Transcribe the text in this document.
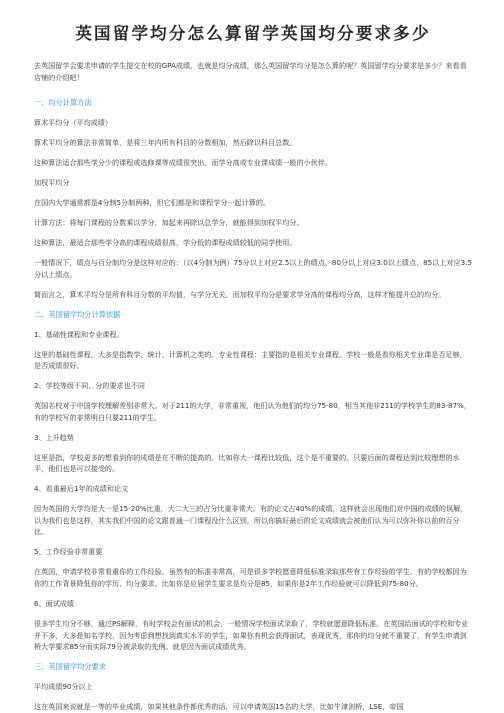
英国留学均分怎么算留学英国均分要求多少

去英国留学会要求申请的学生提交在校的GPA成绩，也就是均分成绩，那么英国留学均分是怎么算的呢？英国留学均分要求是多少？来看看店铺的介绍吧！

一、均分计算方法

算术平均分（平均成绩）

算术平均分的算法非常简单，是将三年内所有科目的分数相加，然后除以科目总数。

这种算法适合那些学分少的课程或选修课等成绩很突出，而学分高或专业课成绩一般的小伙伴。

加权平均分

在国内大学通常都是4分制5分制两种，但它们都是和课程学分一起计算的。

计算方法：将每门课程的分数乘以学分，加起来再除以总学分，就能得到加权平均分。

这种算法，最适合那些学分高的课程成绩很高，学分低的课程成绩较低的同学使用。

一般情况下，绩点与百分制均分是这样对应的：（以4分制为例）75分以上对应2.5以上的绩点，80分以上对应3.0以上绩点，85以上对应3.5分以上绩点。

简而言之，算术平均分是所有科目分数的平均值，与学分无关。而加权平均分是要求学分高的课程均分高，这样才能提升总的均分。

二、英国留学均分计算依据

1、基础性课程和专业课程。

这里的基础性课程，大多是指数学、统计、计算机之类的。专业性课程：主要指的是相关专业课程。学校一般是看你相关专业课是否足够，是否成绩很好。

2、学校等级不同，分的要求也不同

英国名校对于中国学校理解差别非常大。对于211的大学，非常重视，他们认为他们的均分75-80，相当其他非211的学校学生的83-87%，有的学校写的非常明白只要211的学生。

3、上升趋势

这里是指，学校更多的想看到你的成绩是在不断的提高的。比如你大一课程比较低，这个是不重要的。只要后面的课程达到比较理想的水平，他们也是可以接受的。

4、看重最后1年的成绩和论文

因为英国的大学均是大一是15-20%比重，大二大三的占分比重非常大。有的论文占40%的成绩，这样就会出现他们对中国的成绩的误解，以为我们也是这样，其实我们中国的论文跟普通一门课程没什么区别，所以你搞好最后的论文成绩就会被他们认为可以弥补你以前的百分比。

5、工作经验非常重要

在英国，申请学校非常看重你的工作经验。虽然有的标准非常高，可是很多学校愿意降低标准录取那些有工作经验的学生。有的学校都因为你的工作背景降低你的学历、均分要求。比如你是应届学生要求是均分是85，如果你是2年工作经验就可以降低到75-80分。

6、面试成绩

很多学生均分不够，通过PS解释，有时学校会有面试的机会，一般情况学校面试录取了，学校就愿意降低标准。在英国给面试的学校和专业并不多，大多是知名学校，因为考虑到想找到真实水平的学生，如果你有机会获得面试，表现优秀，那你的均分就不重要了，有学生申请剑桥大学要求85分而实际79分被录取的先例。就是因为面试成绩优秀。

三、英国留学均分要求

平均成绩90分以上

这在英国来说就是一等的毕业成绩，如果其他条件都优秀的话，可以申请英国15名的大学，比如牛津剑桥，LSE，帝国
